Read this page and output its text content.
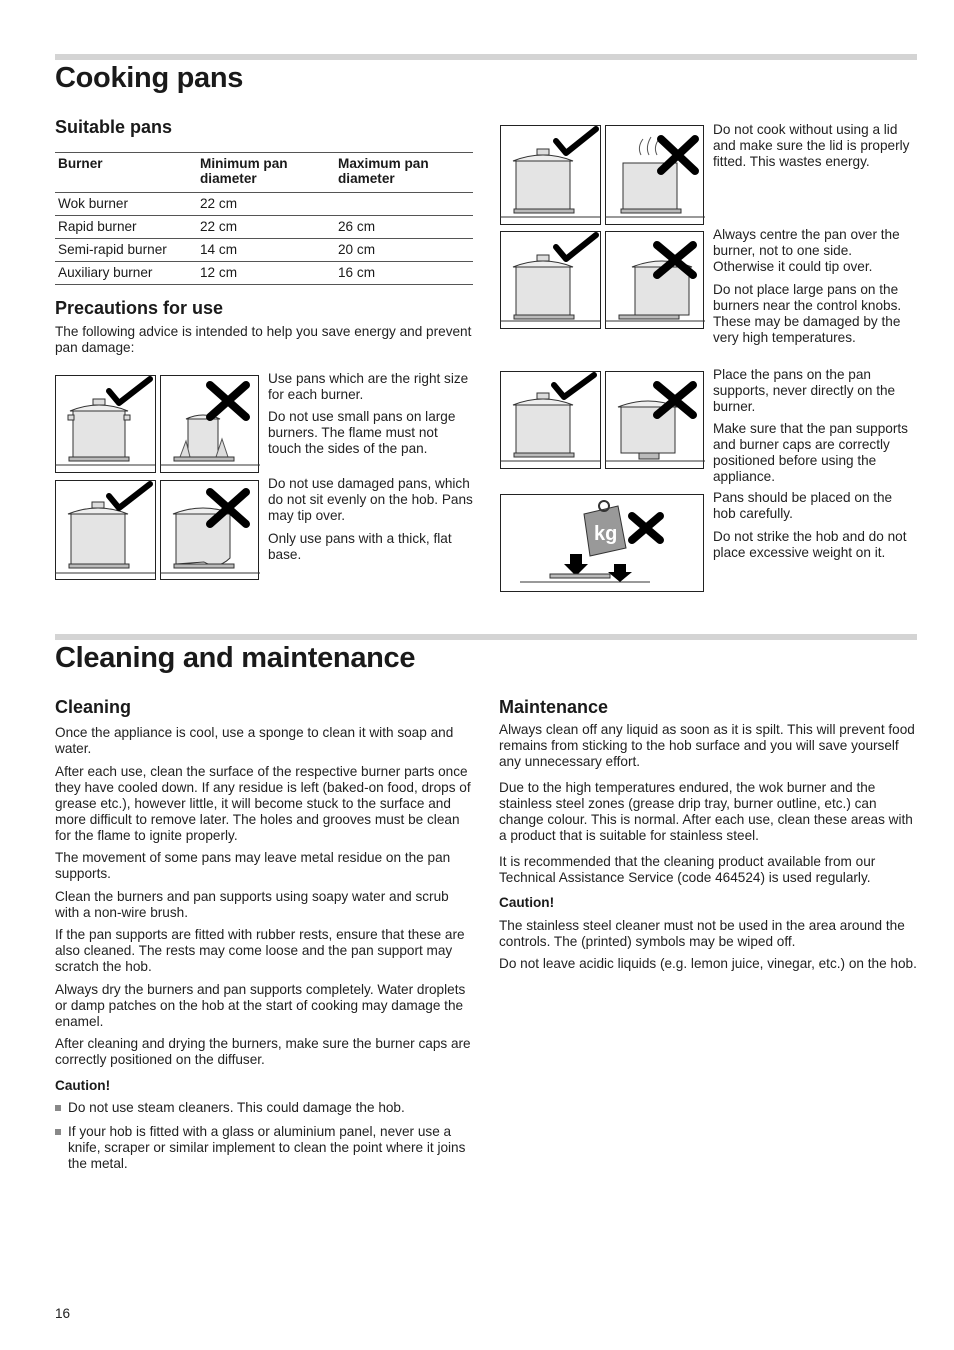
Cooking pans
Suitable pans
Burner	Minimum pan diameter	Maximum pan diameter
Wok burner	22 cm	
Rapid burner	22 cm	26 cm
Semi-rapid burner	14 cm	20 cm
Auxiliary burner	12 cm	16 cm
Precautions for use

The following advice is intended to help you save energy and prevent pan damage:

Use pans which are the right size for each burner.

Do not use small pans on large burners. The flame must not touch the sides of the pan.

Do not use damaged pans, which do not sit evenly on the hob. Pans may tip over.

Only use pans with a thick, flat base.

kg

Do not cook without using a lid and make sure the lid is properly fitted. This wastes energy.

Always centre the pan over the burner, not to one side. Otherwise it could tip over.

Do not place large pans on the burners near the control knobs. These may be damaged by the very high temperatures.

Place the pans on the pan supports, never directly on the burner.

Make sure that the pan supports and burner caps are correctly positioned before using the appliance.

Pans should be placed on the hob carefully.

Do not strike the hob and do not place excessive weight on it.

Cleaning and maintenance
Cleaning

Once the appliance is cool, use a sponge to clean it with soap and water.

After each use, clean the surface of the respective burner parts once they have cooled down. If any residue is left (baked-on food, drops of grease etc.), however little, it will become stuck to the surface and more difficult to remove later. The holes and grooves must be clean for the flame to ignite properly.

The movement of some pans may leave metal residue on the pan supports.

Clean the burners and pan supports using soapy water and scrub with a non-wire brush.

If the pan supports are fitted with rubber rests, ensure that these are also cleaned. The rests may come loose and the pan support may scratch the hob.

Always dry the burners and pan supports completely. Water droplets or damp patches on the hob at the start of cooking may damage the enamel.

After cleaning and drying the burners, make sure the burner caps are correctly positioned on the diffuser.

Caution!
Do not use steam cleaners. This could damage the hob.
If your hob is fitted with a glass or aluminium panel, never use a knife, scraper or similar implement to clean the point where it joins the metal.
Maintenance

Always clean off any liquid as soon as it is spilt. This will prevent food remains from sticking to the hob surface and you will save yourself any unnecessary effort.

Due to the high temperatures endured, the wok burner and the stainless steel zones (grease drip tray, burner outline, etc.) can change colour. This is normal. After each use, clean these areas with a product that is suitable for stainless steel.

It is recommended that the cleaning product available from our Technical Assistance Service (code 464524) is used regularly.

Caution!

The stainless steel cleaner must not be used in the area around the controls. The (printed) symbols may be wiped off.

Do not leave acidic liquids (e.g. lemon juice, vinegar, etc.) on the hob.

16
